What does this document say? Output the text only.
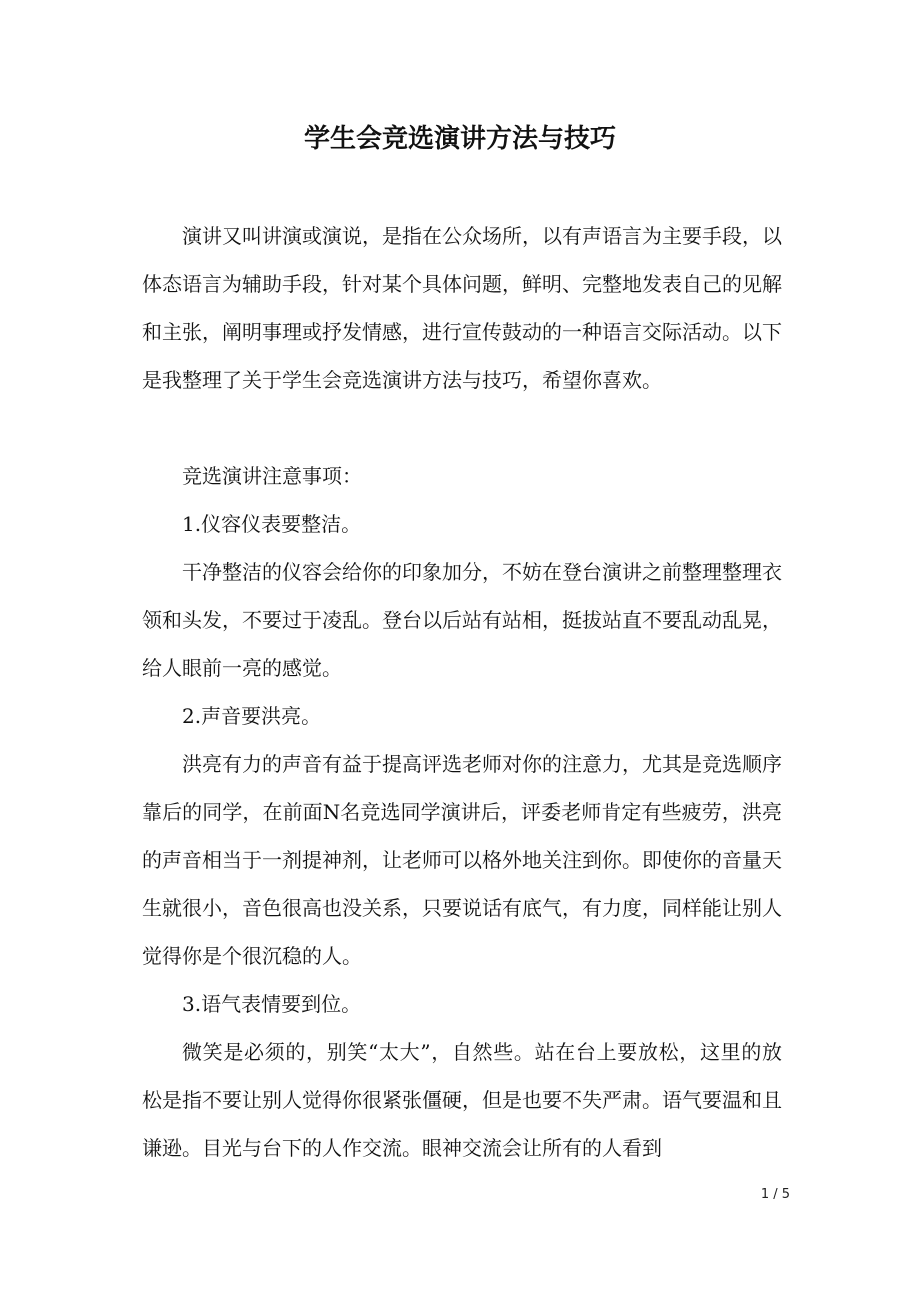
学生会竞选演讲方法与技巧

演讲又叫讲演或演说，是指在公众场所，以有声语言为主要手段，以体态语言为辅助手段，针对某个具体问题，鲜明、完整地发表自己的见解和主张，阐明事理或抒发情感，进行宣传鼓动的一种语言交际活动。以下是我整理了关于学生会竞选演讲方法与技巧，希望你喜欢。

竞选演讲注意事项：

1.仪容仪表要整洁。

干净整洁的仪容会给你的印象加分，不妨在登台演讲之前整理整理衣领和头发，不要过于凌乱。登台以后站有站相，挺拔站直不要乱动乱晃，给人眼前一亮的感觉。

2.声音要洪亮。

洪亮有力的声音有益于提高评选老师对你的注意力，尤其是竞选顺序靠后的同学，在前面N名竞选同学演讲后，评委老师肯定有些疲劳，洪亮的声音相当于一剂提神剂，让老师可以格外地关注到你。即使你的音量天生就很小，音色很高也没关系，只要说话有底气，有力度，同样能让别人觉得你是个很沉稳的人。

3.语气表情要到位。

微笑是必须的，别笑“太大”，自然些。站在台上要放松，这里的放松是指不要让别人觉得你很紧张僵硬，但是也要不失严肃。语气要温和且谦逊。目光与台下的人作交流。眼神交流会让所有的人看到

1 / 5
